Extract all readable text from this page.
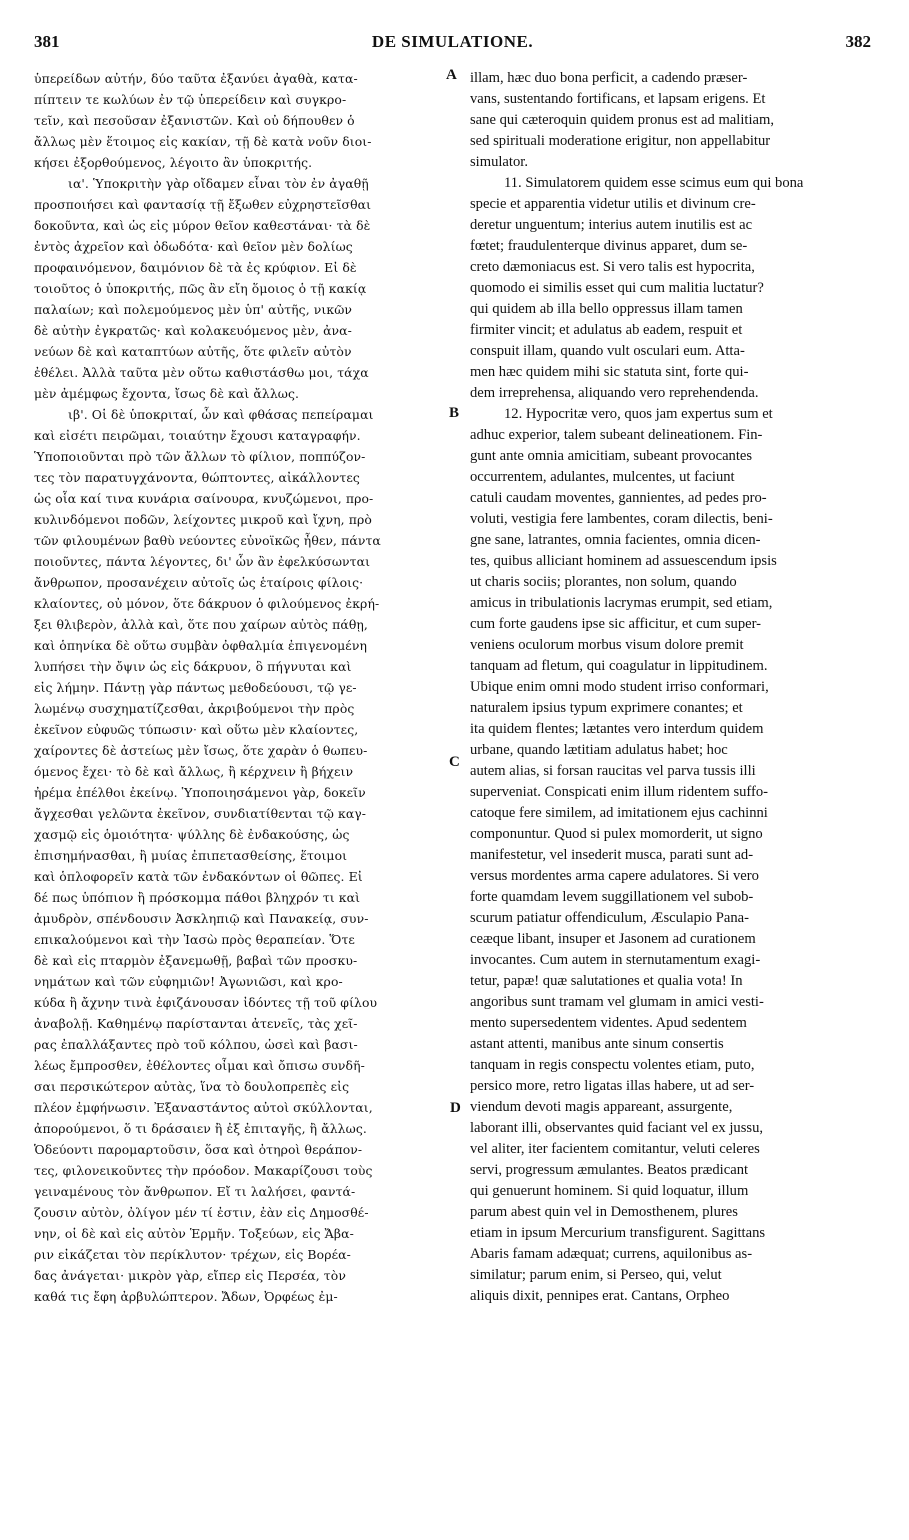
381	DE SIMULATIONE.	382
ὑπερείδων αὐτήν, δύο ταῦτα ἐξανύει ἀγαθὰ, κατα-
πίπτειν τε κωλύων ἐν τῷ ὑπερείδειν καὶ συγκρο-
τεῖν, καὶ πεσοῦσαν ἐξανιστῶν. Καὶ οὐ δήπουθεν ὁ
ἄλλως μὲν ἕτοιμος εἰς κακίαν, τῇ δὲ κατὰ νοῦν διοι-
κήσει ἐξορθούμενος, λέγοιτο ἂν ὑποκριτής.
ια'. Ὑποκριτὴν γὰρ οἴδαμεν εἶναι τὸν ἐν ἀγαθῇ
προσποιήσει καὶ φαντασίᾳ τῇ ἔξωθεν εὐχρηστεῖσθαι
δοκοῦντα, καὶ ὡς εἰς μύρον θεῖον καθεστάναι· τὰ δὲ
ἐντὸς ἀχρεῖον καὶ ὀδωδότα· καὶ θεῖον μὲν δολίως
προφαινόμενον, δαιμόνιον δὲ τὰ ἐς κρύφιον. Εἰ δὲ
τοιοῦτος ὁ ὑποκριτής, πῶς ἂν εἴη ὅμοιος ὁ τῇ κακίᾳ
παλαίων; καὶ πολεμούμενος μὲν ὑπ' αὐτῆς, νικῶν
δὲ αὐτὴν ἐγκρατῶς· καὶ κολακευόμενος μὲν, ἀνα-
νεύων δὲ καὶ καταπτύων αὐτῆς, ὅτε φιλεῖν αὐτὸν
ἐθέλει. Ἀλλὰ ταῦτα μὲν οὕτω καθιστάσθω μοι, τάχα
μὲν ἀμέμφως ἔχοντα, ἴσως δὲ καὶ ἄλλως.
ιβ'. Οἱ δὲ ὑποκριταί, ὧν καὶ φθάσας πεπείραμαι
καὶ εἰσέτι πειρῶμαι, τοιαύτην ἔχουσι καταγραφήν.
Ὑποποιοῦνται πρὸ τῶν ἄλλων τὸ φίλιον, ποππύζον-
τες τὸν παρατυγχάνοντα, θώπτοντες, αἰκάλλοντες
ὡς οἷα καί τινα κυνάρια σαίνουρα, κνυζώμενοι, προ-
κυλινδόμενοι ποδῶν, λείχοντες μικροῦ καὶ ἴχνη, πρὸ
τῶν φιλουμένων βαθὺ νεύοντες εὐνοϊκῶς ἦθεν, πάντα
ποιοῦντες, πάντα λέγοντες, δι' ὧν ἂν ἐφελκύσωνται
ἄνθρωπον, προσανέχειν αὐτοῖς ὡς ἑταίροις φίλοις·
κλαίοντες, οὐ μόνον, ὅτε δάκρυον ὁ φιλούμενος ἐκρή-
ξει θλιβερὸν, ἀλλὰ καὶ, ὅτε που χαίρων αὐτὸς πάθῃ,
καὶ ὁπηνίκα δὲ οὕτω συμβὰν ὀφθαλμία ἐπιγενομένη
λυπήσει τὴν ὄψιν ὡς εἰς δάκρυον, ὃ πήγνυται καὶ
εἰς λήμην. Πάντῃ γὰρ πάντως μεθοδεύουσι, τῷ γε-
λωμένῳ συσχηματίζεσθαι, ἀκριβούμενοι τὴν πρὸς
ἐκεῖνον εὐφυῶς τύπωσιν· καὶ οὕτω μὲν κλαίοντες,
χαίροντες δὲ ἀστείως μὲν ἴσως, ὅτε χαρὰν ὁ θωπευ-
όμενος ἔχει· τὸ δὲ καὶ ἄλλως, ἢ κέρχνειν ἢ βήχειν
ἠρέμα ἐπέλθοι ἐκείνῳ. Ὑποποιησάμενοι γὰρ, δοκεῖν
ἄγχεσθαι γελῶντα ἐκεῖνον, συνδιατίθενται τῷ καγ-
χασμῷ εἰς ὁμοιότητα· ψύλλης δὲ ἐνδακούσης, ὡς
ἐπισημήνασθαι, ἢ μυίας ἐπιπετασθείσης, ἕτοιμοι
καὶ ὁπλοφορεῖν κατὰ τῶν ἐνδακόντων οἱ θῶπες. Εἰ
δέ πως ὑπόπιον ἢ πρόσκομμα πάθοι βληχρόν τι καὶ
ἀμυδρὸν, σπένδουσιν Ἀσκληπιῷ καὶ Πανακείᾳ, συν-
επικαλούμενοι καὶ τὴν Ἰασὼ πρὸς θεραπείαν. Ὅτε
δὲ καὶ εἰς πταρμὸν ἐξανεμωθῇ, βαβαὶ τῶν προσκυ-
νημάτων καὶ τῶν εὐφημιῶν! Ἀγωνιῶσι, καὶ κρο-
κύδα ἢ ἄχνην τινὰ ἐφιζάνουσαν ἰδόντες τῇ τοῦ φίλου
ἀναβολῇ. Καθημένῳ παρίστανται ἀτενεῖς, τὰς χεῖ-
ρας ἐπαλλάξαντες πρὸ τοῦ κόλπου, ὡσεὶ καὶ βασι-
λέως ἔμπροσθεν, ἐθέλοντες οἶμαι καὶ ὄπισω συνδῆ-
σαι περσικώτερον αὐτὰς, ἵνα τὸ δουλοπρεπὲς εἰς
πλέον ἐμφήνωσιν. Ἐξαναστάντος αὐτοὶ σκύλλονται,
ἀπορούμενοι, ὅ τι δράσαιεν ἢ ἐξ ἐπιταγῆς, ἢ ἄλλως.
Ὁδεύοντι παρομαρτοῦσιν, ὅσα καὶ ὀτηροὶ θεράπον-
τες, φιλονεικοῦντες τὴν πρόοδον. Μακαρίζουσι τοὺς
γειναμένους τὸν ἄνθρωπον. Εἴ τι λαλήσει, φαντά-
ζουσιν αὐτὸν, ὀλίγον μέν τί ἐστιν, ἐὰν εἰς Δημοσθέ-
νην, οἱ δὲ καὶ εἰς αὐτὸν Ἑρμῆν. Τοξεύων, εἰς Ἄβα-
ριν εἰκάζεται τὸν περίκλυτον· τρέχων, εἰς Βορέα-
δας ἀνάγεται· μικρὸν γὰρ, εἴπερ εἰς Περσέα, τὸν
καθά τις ἔφη ἀρβυλώπτερον. Ἄδων, Ὀρφέως ἐμ-
illam, hæc duo bona perficit, a cadendo præser-
vans, sustentando fortificans, et lapsam erigens. Et
sane qui cæteroquin quidem pronus est ad malitiam,
sed spirituali moderatione erigitur, non appellabitur
simulator.
11. Simulatorem quidem esse scimus eum qui bona
specie et apparentia videtur utilis et divinum cre-
deretur unguentum; interius autem inutilis est ac
fœtet; fraudulenterque divinus apparet, dum se-
creto dæmoniacus est. Si vero talis est hypocrita,
quomodo ei similis esset qui cum malitia luctatur?
qui quidem ab illa bello oppressus illam tamen
firmiter vincit; et adulatus ab eadem, respuit et
conspuit illam, quando vult osculari eum. Atta-
men hæc quidem mihi sic statuta sint, forte qui-
dem irreprehensa, aliquando vero reprehendenda.
12. Hypocritæ vero, quos jam expertus sum et
adhuc experior, talem subeant delineationem. Fin-
gunt ante omnia amicitiam, subeant provocantes
occurrentem, adulantes, mulcentes, ut faciunt
catuli caudam moventes, gannientes, ad pedes pro-
voluti, vestigia fere lambentes, coram dilectis, beni-
gne sane, latrantes, omnia facientes, omnia dicen-
tes, quibus alliciant hominem ad assuescendum ipsis
ut charis sociis; plorantes, non solum, quando
amicus in tribulationis lacrymas erumpit, sed etiam,
cum forte gaudens ipse sic afficitur, et cum super-
veniens oculorum morbus visum dolore premit
tanquam ad fletum, qui coagulatur in lippitudinem.
Ubique enim omni modo student irriso conformari,
naturalem ipsius typum exprimere conantes; et
ita quidem flentes; lætantes vero interdum quidem
urbane, quando lætitiam adulatus habet; hoc
autem alias, si forsan raucitas vel parva tussis illi
superveniat. Conspicati enim illum ridentem suffo-
catoque fere similem, ad imitationem ejus cachinni
componuntur. Quod si pulex momorderit, ut signo
manifestetur, vel insederit musca, parati sunt ad-
versus mordentes arma capere adulatores. Si vero
forte quamdam levem suggillationem vel subob-
scurum patiatur offendiculum, Æsculapio Pana-
ceæque libant, insuper et Jasonem ad curationem
invocantes. Cum autem in sternutamentum exagi-
tetur, papæ! quæ salutationes et qualia vota! In
angoribus sunt tramam vel glumam in amici vesti-
mento supersedentem videntes. Apud sedentem
astant attenti, manibus ante sinum consertis
tanquam in regis conspectu volentes etiam, puto,
persico more, retro ligatas illas habere, ut ad ser-
viendum devoti magis appareant, assurgente,
laborant illi, observantes quid faciant vel ex jussu,
vel aliter, iter facientem comitantur, veluti celeres
servi, progressum æmulantes. Beatos prædicant
qui genuerunt hominem. Si quid loquatur, illum
parum abest quin vel in Demosthenem, plures
etiam in ipsum Mercurium transfigurent. Sagittans
Abaris famam adæquat; currens, aquilonibus as-
similatur; parum enim, si Perseo, qui, velut
aliquis dixit, pennipes erat. Cantans, Orpheo
A
B
C
D
